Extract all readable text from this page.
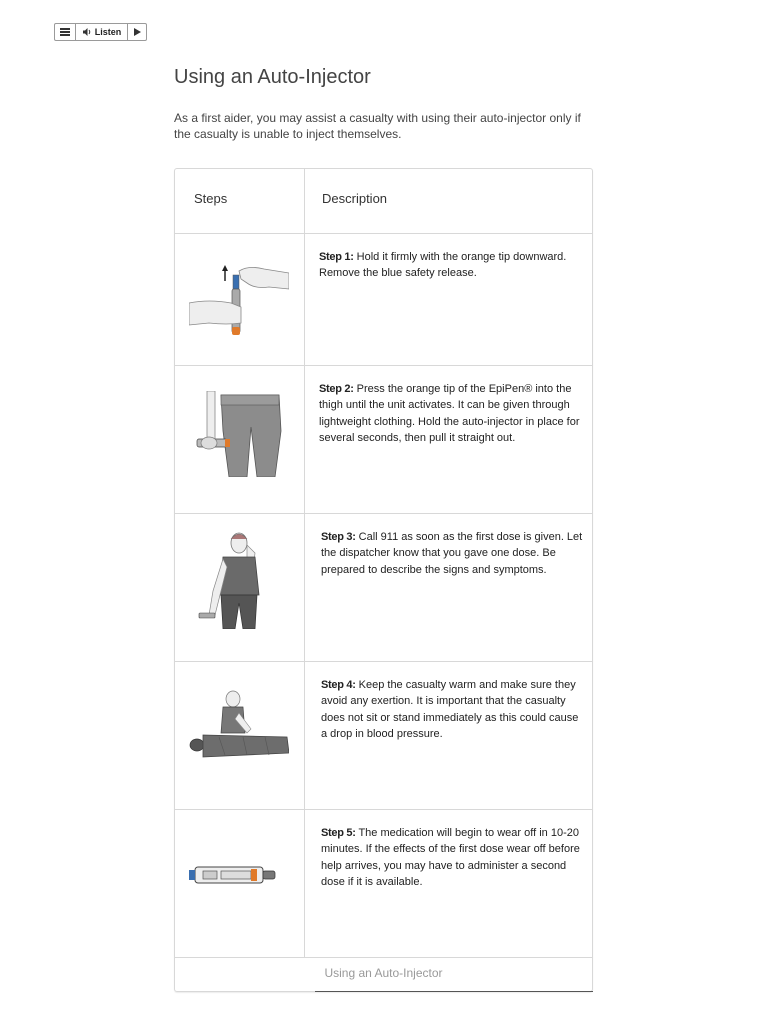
Listen
Using an Auto-Injector

As a first aider, you may assist a casualty with using their auto-injector only if the casualty is unable to inject themselves.

Steps	Description
Step 1: Hold it firmly with the orange tip downward. Remove the blue safety release.
Step 2: Press the orange tip of the EpiPen® into the thigh until the unit activates. It can be given through lightweight clothing. Hold the auto-injector in place for several seconds, then pull it straight out.
Step 3: Call 911 as soon as the first dose is given. Let the dispatcher know that you gave one dose. Be prepared to describe the signs and symptoms.
Step 4: Keep the casualty warm and make sure they avoid any exertion. It is important that the casualty does not sit or stand immediately as this could cause a drop in blood pressure.
Step 5: The medication will begin to wear off in 10-20 minutes. If the effects of the first dose wear off before help arrives, you may have to administer a second dose if it is available.
Using an Auto-Injector
